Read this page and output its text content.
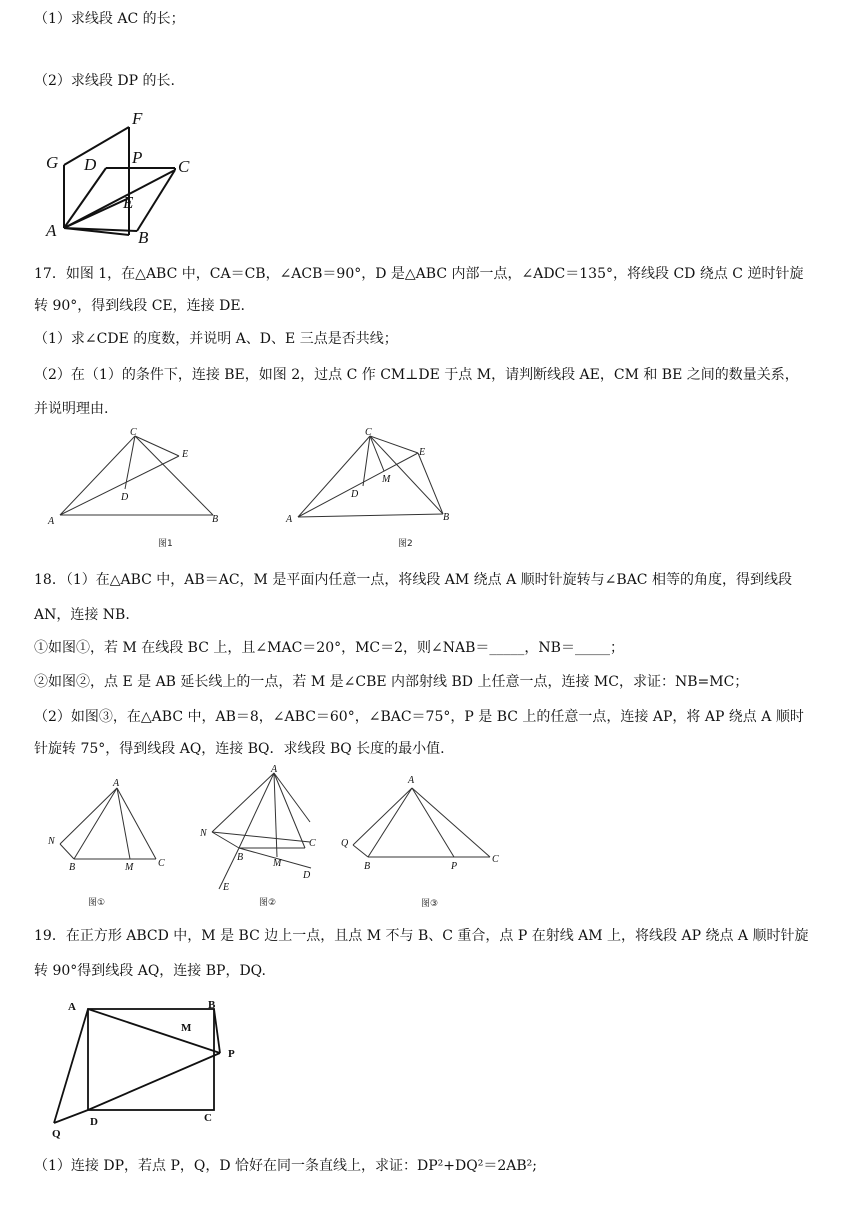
（1）求线段 AC 的长；
（2）求线段 DP 的长.
G
F
D P C
E
A	B
17．如图 1，在△ABC 中，CA＝CB，∠ACB＝90°，D 是△ABC 内部一点，∠ADC＝135°，将线段 CD 绕点 C 逆时针旋
转 90°，得到线段 CE，连接 DE.
（1）求∠CDE 的度数，并说明 A、D、E 三点是否共线；
（2）在（1）的条件下，连接 BE，如图 2，过点 C 作 CM⊥DE 于点 M，请判断线段 AE，CM 和 BE 之间的数量关系，
并说明理由.
C
E
D
A	B
图1
C
E
M
D
A	B
图2
18．（1）在△ABC 中，AB＝AC，M 是平面内任意一点，将线段 AM 绕点 A 顺时针旋转与∠BAC 相等的角度，得到线段
AN，连接 NB.
①如图①，若 M 在线段 BC 上，且∠MAC＝20°，MC＝2，则∠NAB＝_____，NB＝_____；
②如图②，点 E 是 AB 延长线上的一点，若 M 是∠CBE 内部射线 BD 上任意一点，连接 MC，求证：NB=MC；
（2）如图③，在△ABC 中，AB＝8，∠ABC＝60°，∠BAC＝75°，P 是 BC 上的任意一点，连接 AP，将 AP 绕点 A 顺时
针旋转 75°，得到线段 AQ，连接 BQ．求线段 BQ 长度的最小值.
A
N
B	M C
图①
A
N
C
B
M
D
E
图②
A
Q
B	P
C
图③
19．在正方形 ABCD 中，M 是 BC 边上一点，且点 M 不与 B、C 重合，点 P 在射线 AM 上，将线段 AP 绕点 A 顺时针旋
转 90°得到线段 AQ，连接 BP，DQ.
A	B
M
P
C
D
Q
（1）连接 DP，若点 P，Q，D 恰好在同一条直线上，求证：DP²+DQ²＝2AB²;
